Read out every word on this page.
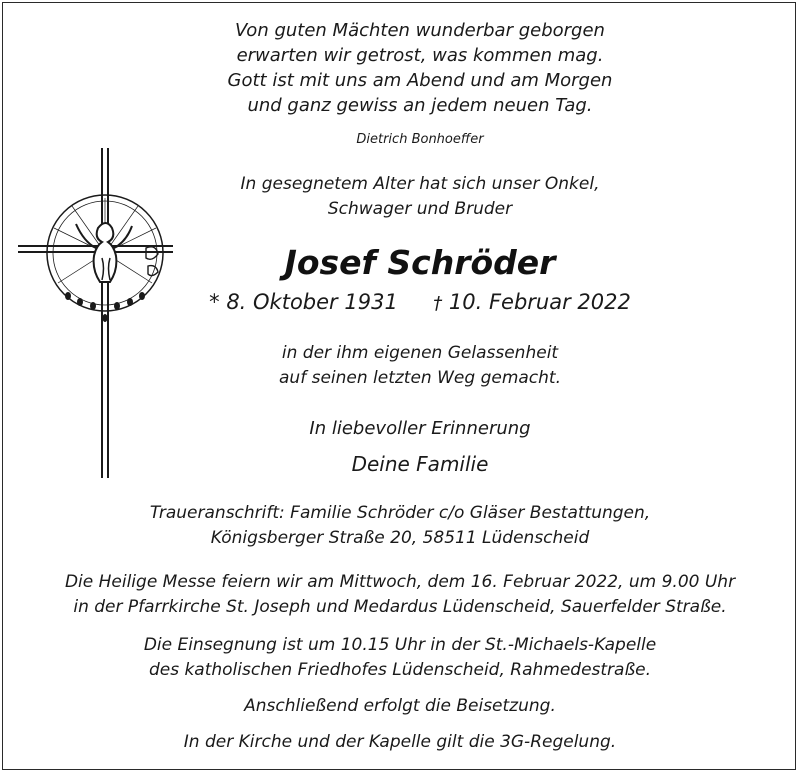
Von guten Mächten wunderbar geborgen
erwarten wir getrost, was kommen mag.
Gott ist mit uns am Abend und am Morgen
und ganz gewiss an jedem neuen Tag.
Dietrich Bonhoeffer
In gesegnetem Alter hat sich unser Onkel,
Schwager und Bruder
Josef Schröder
* 8. Oktober 1931 † 10. Februar 2022
in der ihm eigenen Gelassenheit
auf seinen letzten Weg gemacht.
In liebevoller Erinnerung
Deine Familie
Traueranschrift: Familie Schröder c/o Gläser Bestattungen,
Königsberger Straße 20, 58511 Lüdenscheid
Die Heilige Messe feiern wir am Mittwoch, dem 16. Februar 2022, um 9.00 Uhr
in der Pfarrkirche St. Joseph und Medardus Lüdenscheid, Sauerfelder Straße.
Die Einsegnung ist um 10.15 Uhr in der St.-Michaels-Kapelle
des katholischen Friedhofes Lüdenscheid, Rahmedestraße.
Anschließend erfolgt die Beisetzung.
In der Kirche und der Kapelle gilt die 3G-Regelung.
